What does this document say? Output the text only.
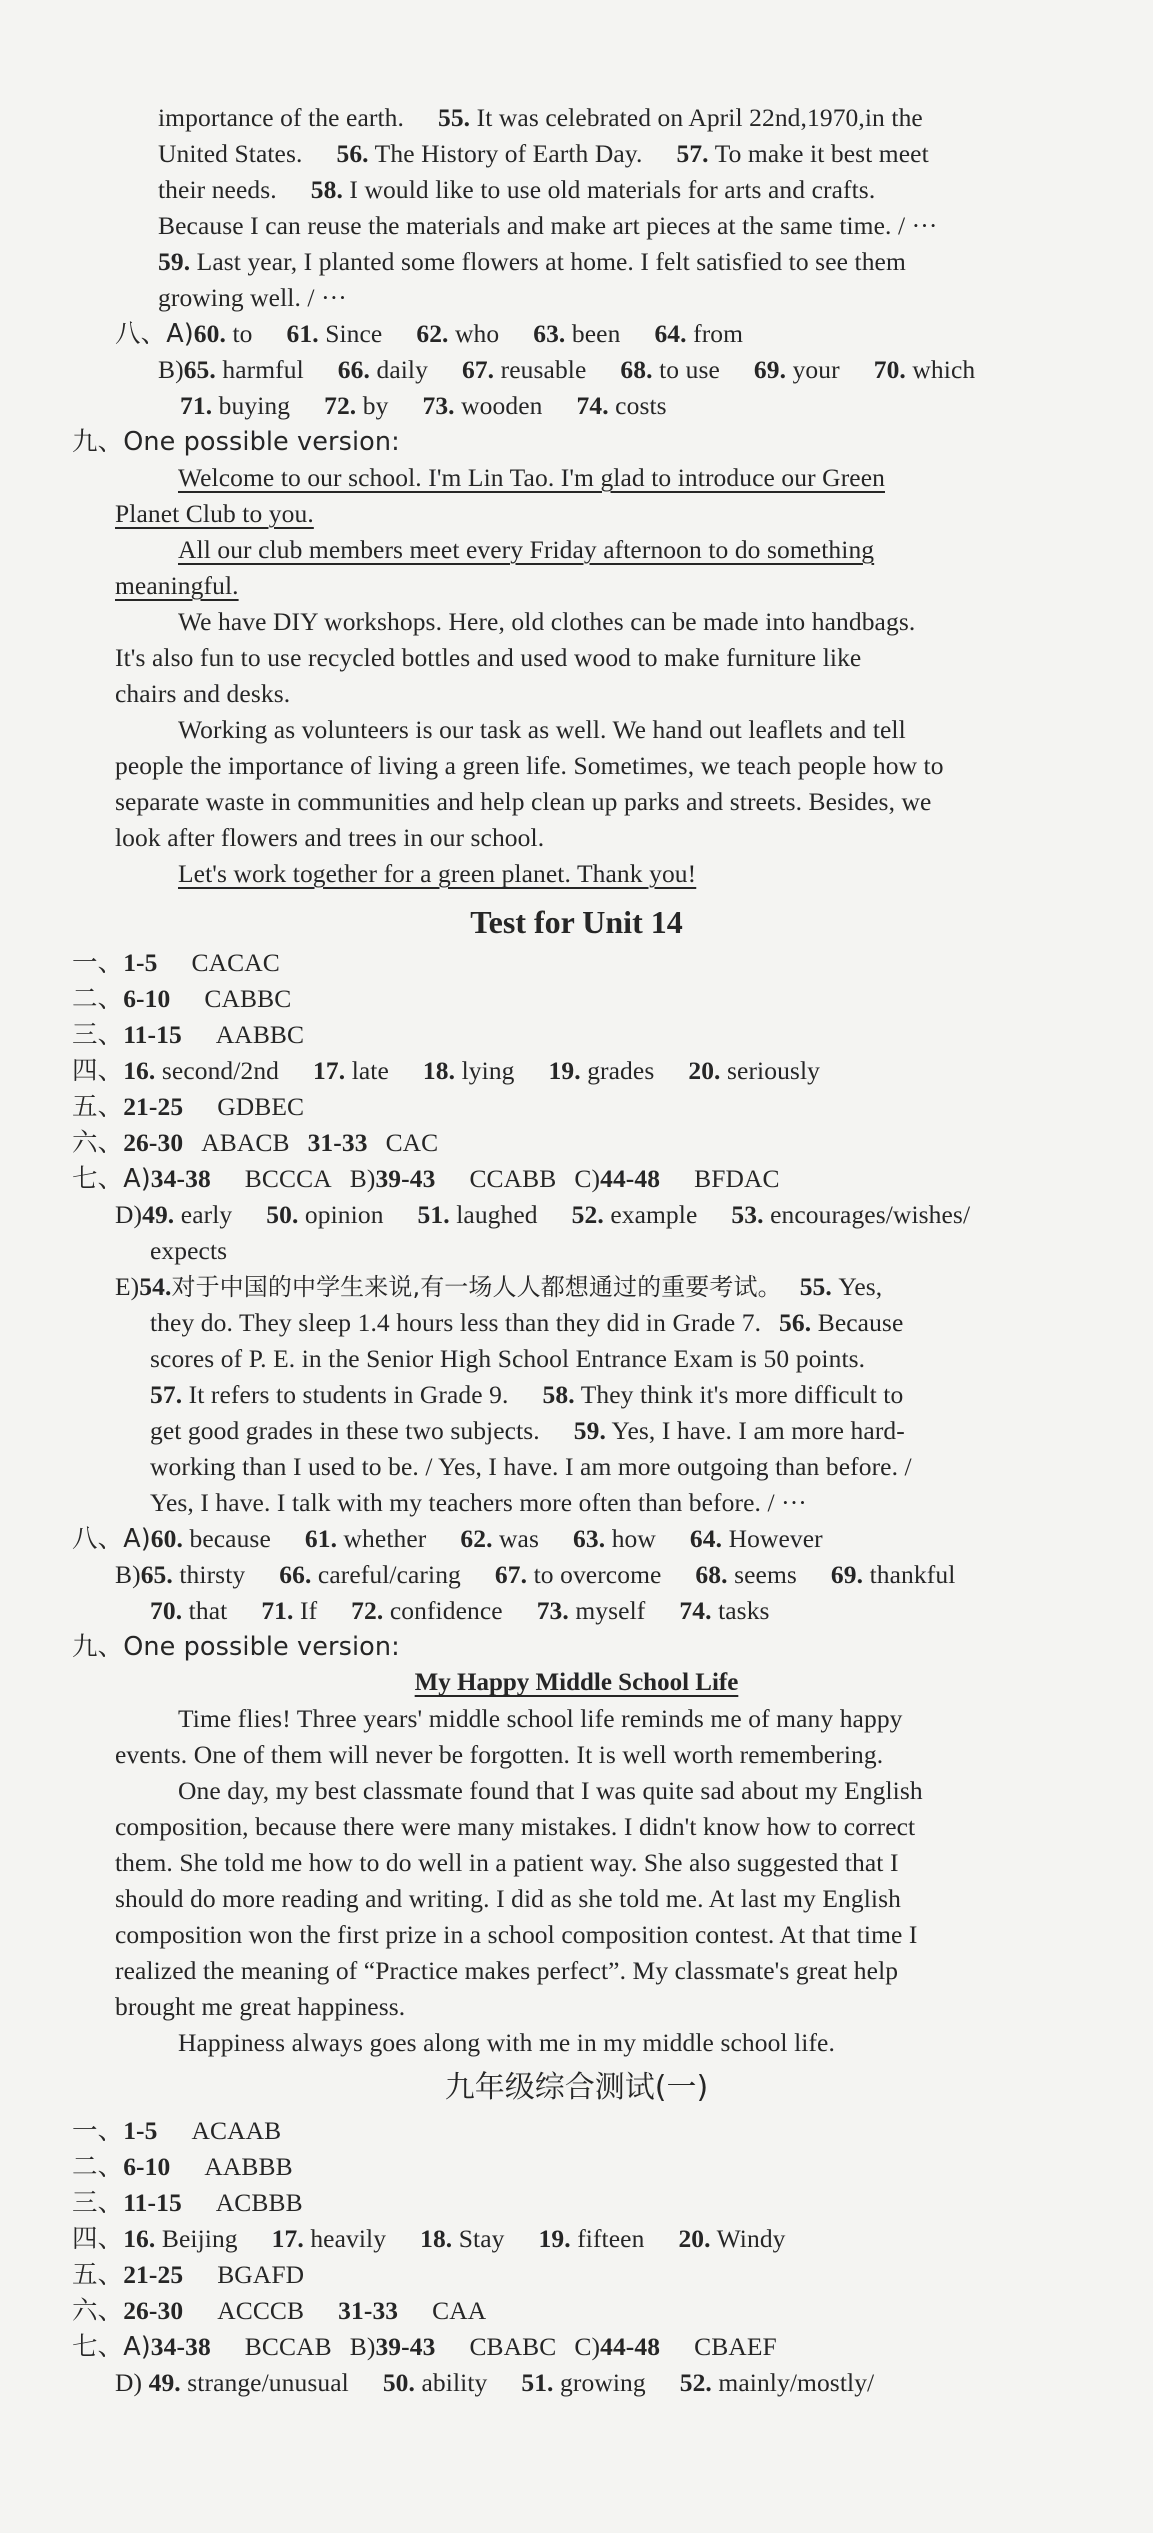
importance of the earth. 55. It was celebrated on April 22nd,1970,in the
United States. 56. The History of Earth Day. 57. To make it best meet
their needs. 58. I would like to use old materials for arts and crafts.
Because I can reuse the materials and make art pieces at the same time. / ···
59. Last year, I planted some flowers at home. I felt satisfied to see them
growing well. / ···
八、A)60. to 61. Since 62. who 63. been 64. from
B)65. harmful 66. daily 67. reusable 68. to use 69. your 70. which
71. buying 72. by 73. wooden 74. costs
九、One possible version:
Welcome to our school. I'm Lin Tao. I'm glad to introduce our Green
Planet Club to you.
All our club members meet every Friday afternoon to do something
meaningful.
We have DIY workshops. Here, old clothes can be made into handbags.
It's also fun to use recycled bottles and used wood to make furniture like
chairs and desks.
Working as volunteers is our task as well. We hand out leaflets and tell
people the importance of living a green life. Sometimes, we teach people how to
separate waste in communities and help clean up parks and streets. Besides, we
look after flowers and trees in our school.
Let's work together for a green planet. Thank you!
Test for Unit 14
一、1-5 CACAC
二、6-10 CABBC
三、11-15 AABBC
四、16. second/2nd 17. late 18. lying 19. grades 20. seriously
五、21-25 GDBEC
六、26-30 ABACB 31-33 CAC
七、A)34-38 BCCCA B)39-43 CCABB C)44-48 BFDAC
D)49. early 50. opinion 51. laughed 52. example 53. encourages/wishes/
expects
E)54.对于中国的中学生来说,有一场人人都想通过的重要考试。 55. Yes,
they do. They sleep 1.4 hours less than they did in Grade 7. 56. Because
scores of P. E. in the Senior High School Entrance Exam is 50 points.
57. It refers to students in Grade 9. 58. They think it's more difficult to
get good grades in these two subjects. 59. Yes, I have. I am more hard-
working than I used to be. / Yes, I have. I am more outgoing than before. /
Yes, I have. I talk with my teachers more often than before. / ···
八、A)60. because 61. whether 62. was 63. how 64. However
B)65. thirsty 66. careful/caring 67. to overcome 68. seems 69. thankful
70. that 71. If 72. confidence 73. myself 74. tasks
九、One possible version:
My Happy Middle School Life
Time flies! Three years' middle school life reminds me of many happy
events. One of them will never be forgotten. It is well worth remembering.
One day, my best classmate found that I was quite sad about my English
composition, because there were many mistakes. I didn't know how to correct
them. She told me how to do well in a patient way. She also suggested that I
should do more reading and writing. I did as she told me. At last my English
composition won the first prize in a school composition contest. At that time I
realized the meaning of “Practice makes perfect”. My classmate's great help
brought me great happiness.
Happiness always goes along with me in my middle school life.
九年级综合测试(一)
一、1-5 ACAAB
二、6-10 AABBB
三、11-15 ACBBB
四、16. Beijing 17. heavily 18. Stay 19. fifteen 20. Windy
五、21-25 BGAFD
六、26-30 ACCCB 31-33 CAA
七、A)34-38 BCCAB B)39-43 CBABC C)44-48 CBAEF
D) 49. strange/unusual 50. ability 51. growing 52. mainly/mostly/
